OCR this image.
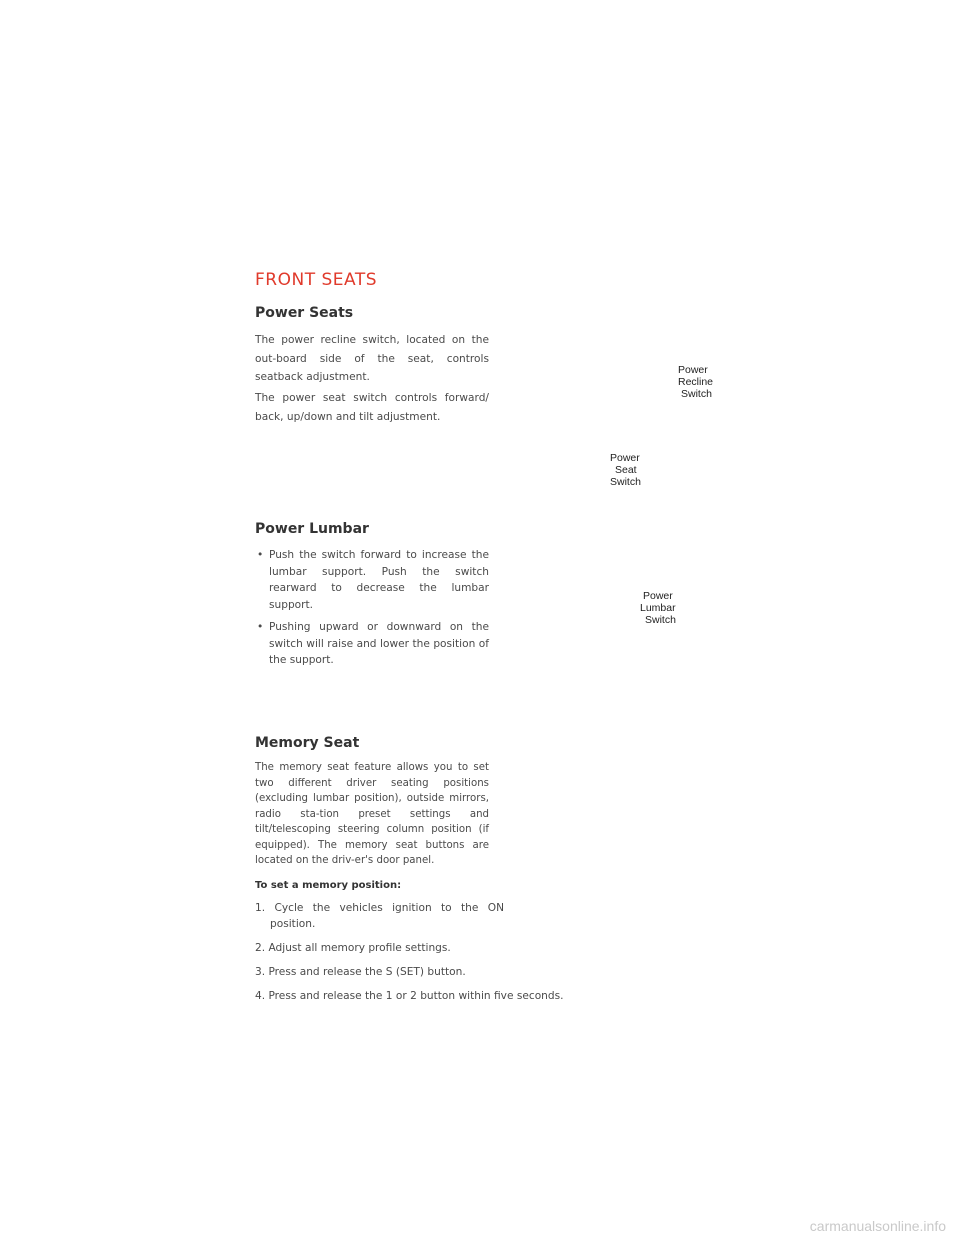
FRONT SEATS
Power Seats

The power recline switch, located on the out-board side of the seat, controls seatback adjustment.

The power seat switch controls forward/ back, up/down and tilt adjustment.

Power Lumbar
• Push the switch forward to increase the lumbar support. Push the switch rearward to decrease the lumbar support.
• Pushing upward or downward on the switch will raise and lower the position of the support.
Memory Seat

The memory seat feature allows you to set two different driver seating positions (excluding lumbar position), outside mirrors, radio sta-tion preset settings and tilt/telescoping steering column position (if equipped). The memory seat buttons are located on the driv-er's door panel.

To set a memory position:

1. Cycle the vehicles ignition to the ON position.
2. Adjust all memory profile settings.
3. Press and release the S (SET) button.
4. Press and release the 1 or 2 button within five seconds.
Power
Recline
Switch
Power
Seat
Switch
Power
Lumbar
Switch
carmanualsonline.info
